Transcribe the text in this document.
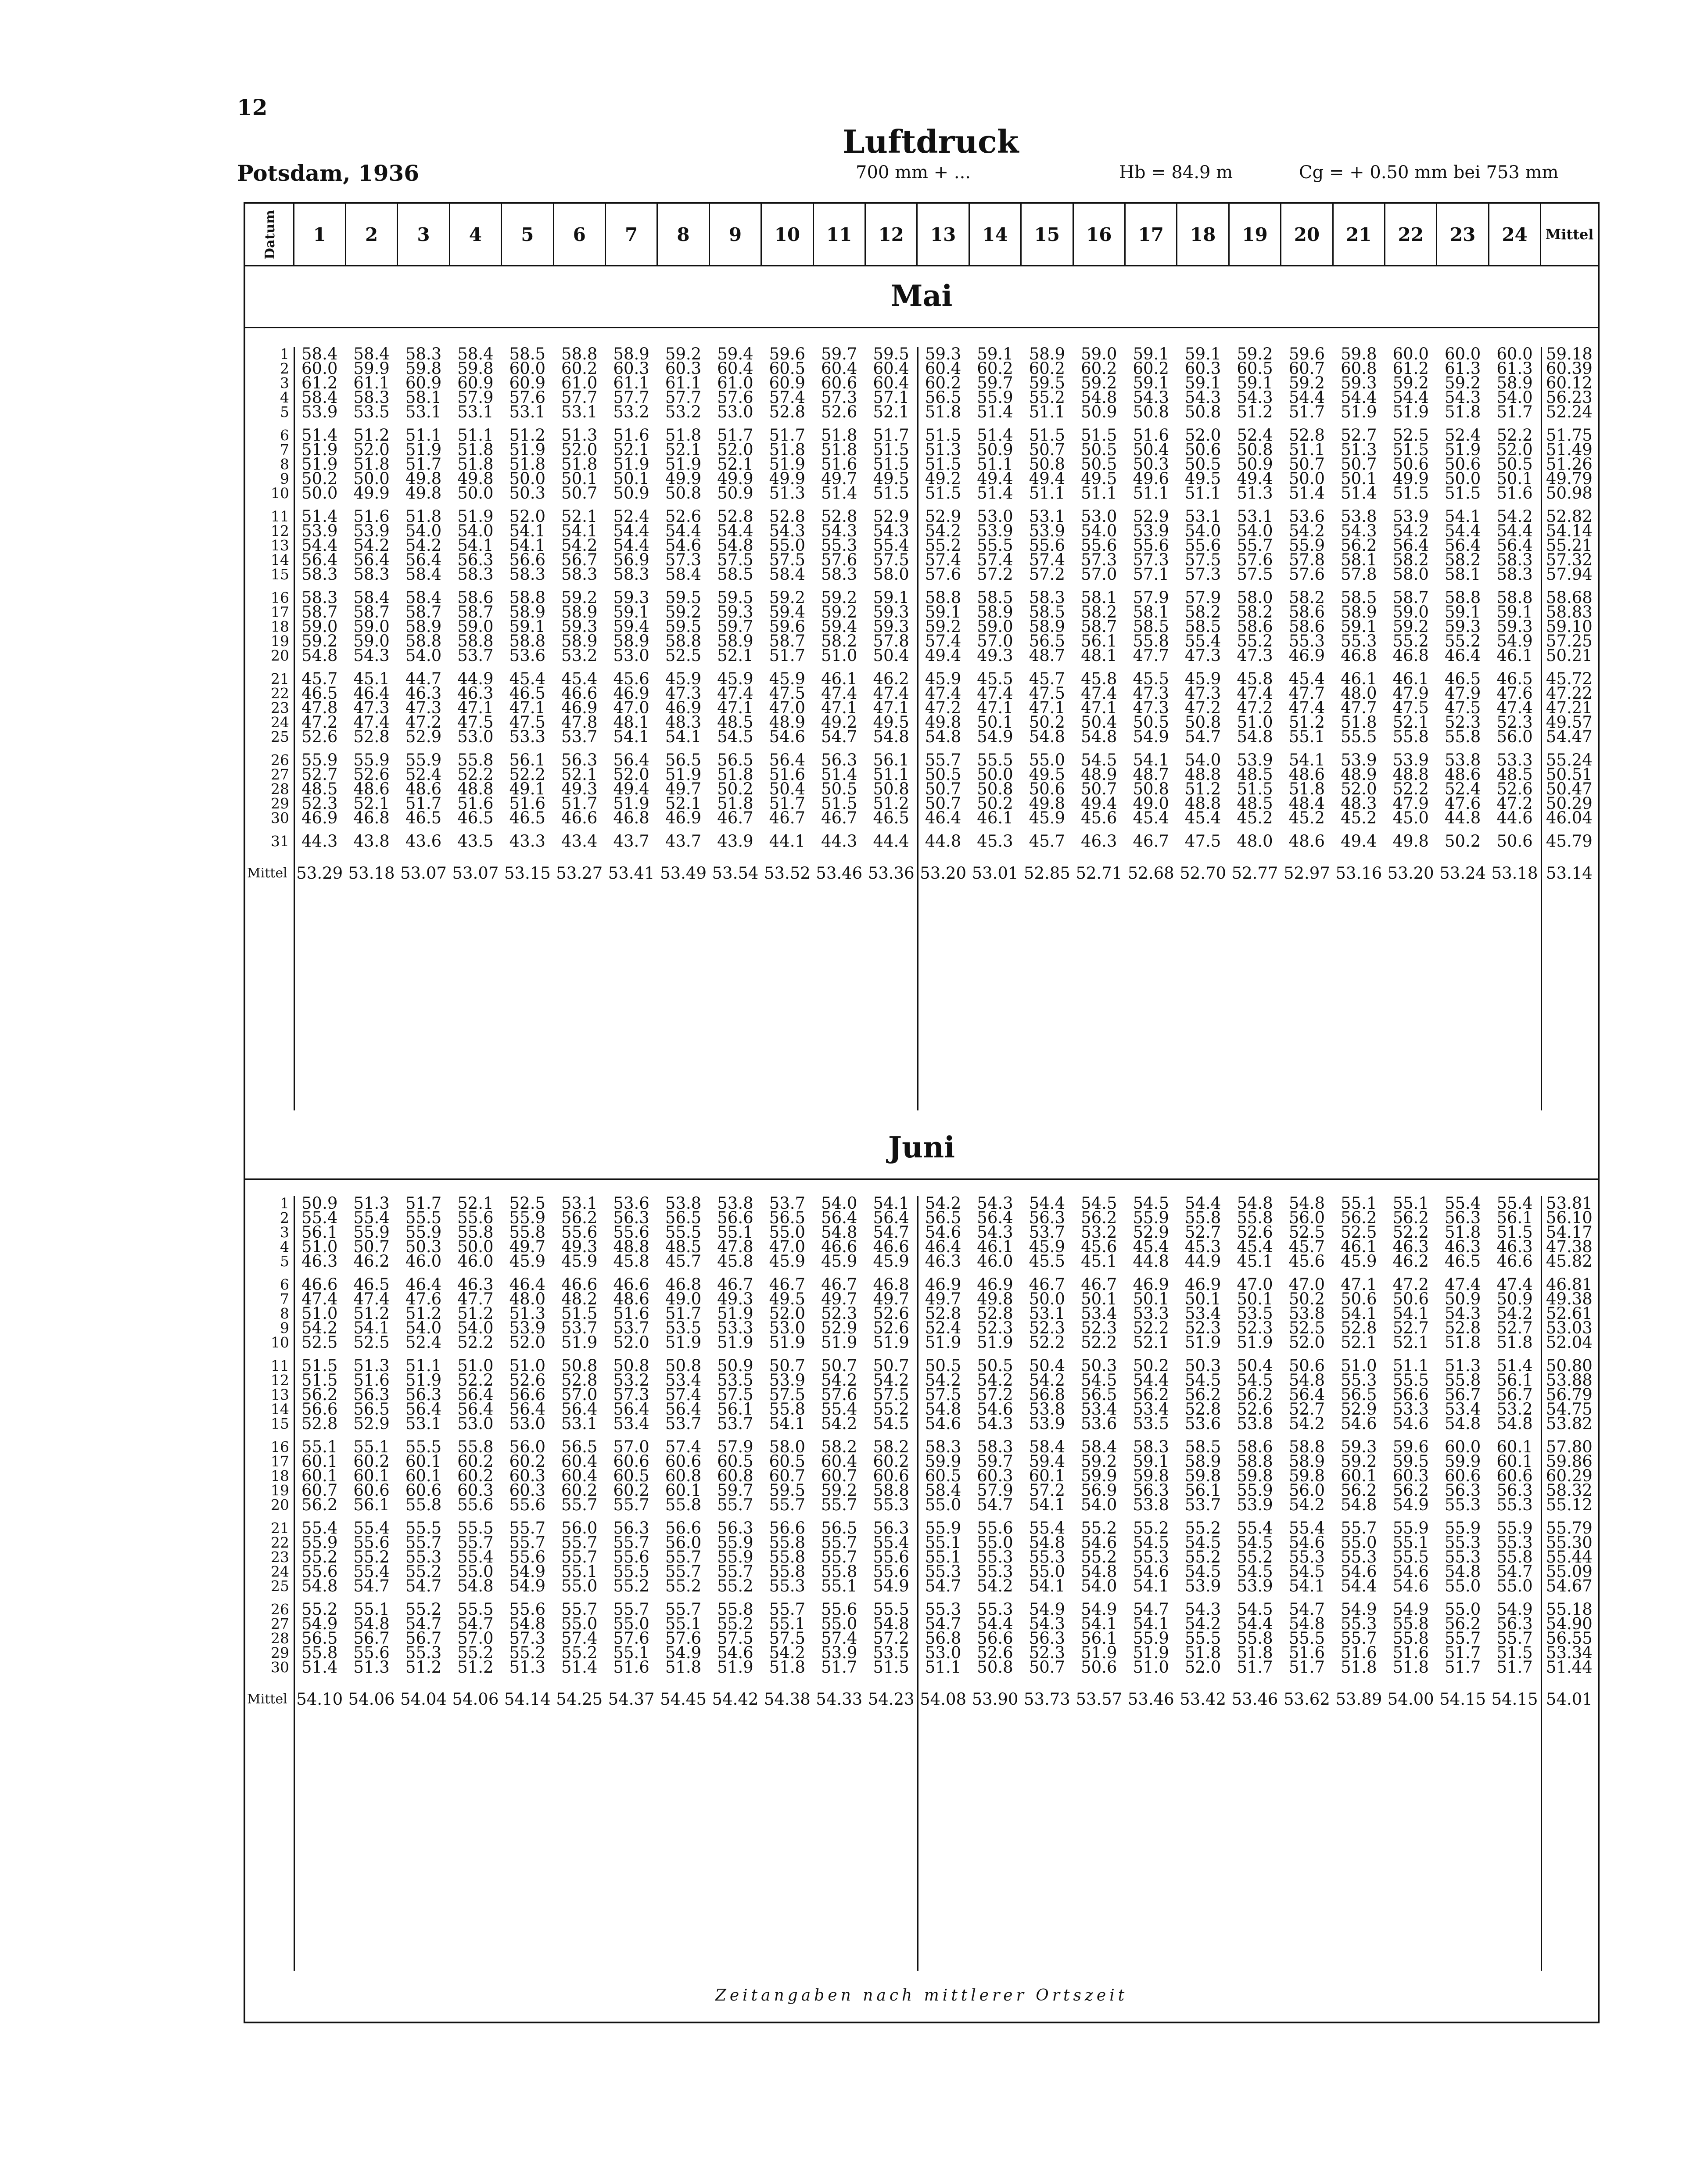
12
Potsdam, 1936
Luftdruck
700 mm + ...	Hb = 84.9 m	Cg = + 0.50 mm bei 753 mm
Datum	1	2	3	4	5	6	7	8	9	10	11	12	13	14	15	16	17	18	19	20	21	22	23	24	Mittel
Mai
1	58.4	58.4	58.3	58.4	58.5	58.8	58.9	59.2	59.4	59.6	59.7	59.5	59.3	59.1	58.9	59.0	59.1	59.1	59.2	59.6	59.8	60.0	60.0	60.0	59.18
2	60.0	59.9	59.8	59.8	60.0	60.2	60.3	60.3	60.4	60.5	60.4	60.4	60.4	60.2	60.2	60.2	60.2	60.3	60.5	60.7	60.8	61.2	61.3	61.3	60.39
3	61.2	61.1	60.9	60.9	60.9	61.0	61.1	61.1	61.0	60.9	60.6	60.4	60.2	59.7	59.5	59.2	59.1	59.1	59.1	59.2	59.3	59.2	59.2	58.9	60.12
4	58.4	58.3	58.1	57.9	57.6	57.7	57.7	57.7	57.6	57.4	57.3	57.1	56.5	55.9	55.2	54.8	54.3	54.3	54.3	54.4	54.4	54.4	54.3	54.0	56.23
5	53.9	53.5	53.1	53.1	53.1	53.1	53.2	53.2	53.0	52.8	52.6	52.1	51.8	51.4	51.1	50.9	50.8	50.8	51.2	51.7	51.9	51.9	51.8	51.7	52.24
6	51.4	51.2	51.1	51.1	51.2	51.3	51.6	51.8	51.7	51.7	51.8	51.7	51.5	51.4	51.5	51.5	51.6	52.0	52.4	52.8	52.7	52.5	52.4	52.2	51.75
7	51.9	52.0	51.9	51.8	51.9	52.0	52.1	52.1	52.0	51.8	51.8	51.5	51.3	50.9	50.7	50.5	50.4	50.6	50.8	51.1	51.3	51.5	51.9	52.0	51.49
8	51.9	51.8	51.7	51.8	51.8	51.8	51.9	51.9	52.1	51.9	51.6	51.5	51.5	51.1	50.8	50.5	50.3	50.5	50.9	50.7	50.7	50.6	50.6	50.5	51.26
9	50.2	50.0	49.8	49.8	50.0	50.1	50.1	49.9	49.9	49.9	49.7	49.5	49.2	49.4	49.4	49.5	49.6	49.5	49.4	50.0	50.1	49.9	50.0	50.1	49.79
10	50.0	49.9	49.8	50.0	50.3	50.7	50.9	50.8	50.9	51.3	51.4	51.5	51.5	51.4	51.1	51.1	51.1	51.1	51.3	51.4	51.4	51.5	51.5	51.6	50.98
11	51.4	51.6	51.8	51.9	52.0	52.1	52.4	52.6	52.8	52.8	52.8	52.9	52.9	53.0	53.1	53.0	52.9	53.1	53.1	53.6	53.8	53.9	54.1	54.2	52.82
12	53.9	53.9	54.0	54.0	54.1	54.1	54.4	54.4	54.4	54.3	54.3	54.3	54.2	53.9	53.9	54.0	53.9	54.0	54.0	54.2	54.3	54.2	54.4	54.4	54.14
13	54.4	54.2	54.2	54.1	54.1	54.2	54.4	54.6	54.8	55.0	55.3	55.4	55.2	55.5	55.6	55.6	55.6	55.6	55.7	55.9	56.2	56.4	56.4	56.4	55.21
14	56.4	56.4	56.4	56.3	56.6	56.7	56.9	57.3	57.5	57.5	57.6	57.5	57.4	57.4	57.4	57.3	57.3	57.5	57.6	57.8	58.1	58.2	58.2	58.3	57.32
15	58.3	58.3	58.4	58.3	58.3	58.3	58.3	58.4	58.5	58.4	58.3	58.0	57.6	57.2	57.2	57.0	57.1	57.3	57.5	57.6	57.8	58.0	58.1	58.3	57.94
16	58.3	58.4	58.4	58.6	58.8	59.2	59.3	59.5	59.5	59.2	59.2	59.1	58.8	58.5	58.3	58.1	57.9	57.9	58.0	58.2	58.5	58.7	58.8	58.8	58.68
17	58.7	58.7	58.7	58.7	58.9	58.9	59.1	59.2	59.3	59.4	59.2	59.3	59.1	58.9	58.5	58.2	58.1	58.2	58.2	58.6	58.9	59.0	59.1	59.1	58.83
18	59.0	59.0	58.9	59.0	59.1	59.3	59.4	59.5	59.7	59.6	59.4	59.3	59.2	59.0	58.9	58.7	58.5	58.5	58.6	58.6	59.1	59.2	59.3	59.3	59.10
19	59.2	59.0	58.8	58.8	58.8	58.9	58.9	58.8	58.9	58.7	58.2	57.8	57.4	57.0	56.5	56.1	55.8	55.4	55.2	55.3	55.3	55.2	55.2	54.9	57.25
20	54.8	54.3	54.0	53.7	53.6	53.2	53.0	52.5	52.1	51.7	51.0	50.4	49.4	49.3	48.7	48.1	47.7	47.3	47.3	46.9	46.8	46.8	46.4	46.1	50.21
21	45.7	45.1	44.7	44.9	45.4	45.4	45.6	45.9	45.9	45.9	46.1	46.2	45.9	45.5	45.7	45.8	45.5	45.9	45.8	45.4	46.1	46.1	46.5	46.5	45.72
22	46.5	46.4	46.3	46.3	46.5	46.6	46.9	47.3	47.4	47.5	47.4	47.4	47.4	47.4	47.5	47.4	47.3	47.3	47.4	47.7	48.0	47.9	47.9	47.6	47.22
23	47.8	47.3	47.3	47.1	47.1	46.9	47.0	46.9	47.1	47.0	47.1	47.1	47.2	47.1	47.1	47.1	47.3	47.2	47.2	47.4	47.7	47.5	47.5	47.4	47.21
24	47.2	47.4	47.2	47.5	47.5	47.8	48.1	48.3	48.5	48.9	49.2	49.5	49.8	50.1	50.2	50.4	50.5	50.8	51.0	51.2	51.8	52.1	52.3	52.3	49.57
25	52.6	52.8	52.9	53.0	53.3	53.7	54.1	54.1	54.5	54.6	54.7	54.8	54.8	54.9	54.8	54.8	54.9	54.7	54.8	55.1	55.5	55.8	55.8	56.0	54.47
26	55.9	55.9	55.9	55.8	56.1	56.3	56.4	56.5	56.5	56.4	56.3	56.1	55.7	55.5	55.0	54.5	54.1	54.0	53.9	54.1	53.9	53.9	53.8	53.3	55.24
27	52.7	52.6	52.4	52.2	52.2	52.1	52.0	51.9	51.8	51.6	51.4	51.1	50.5	50.0	49.5	48.9	48.7	48.8	48.5	48.6	48.9	48.8	48.6	48.5	50.51
28	48.5	48.6	48.6	48.8	49.1	49.3	49.4	49.7	50.2	50.4	50.5	50.8	50.7	50.8	50.6	50.7	50.8	51.2	51.5	51.8	52.0	52.2	52.4	52.6	50.47
29	52.3	52.1	51.7	51.6	51.6	51.7	51.9	52.1	51.8	51.7	51.5	51.2	50.7	50.2	49.8	49.4	49.0	48.8	48.5	48.4	48.3	47.9	47.6	47.2	50.29
30	46.9	46.8	46.5	46.5	46.5	46.6	46.8	46.9	46.7	46.7	46.7	46.5	46.4	46.1	45.9	45.6	45.4	45.4	45.2	45.2	45.2	45.0	44.8	44.6	46.04
31	44.3	43.8	43.6	43.5	43.3	43.4	43.7	43.7	43.9	44.1	44.3	44.4	44.8	45.3	45.7	46.3	46.7	47.5	48.0	48.6	49.4	49.8	50.2	50.6	45.79
Mittel	53.29	53.18	53.07	53.07	53.15	53.27	53.41	53.49	53.54	53.52	53.46	53.36	53.20	53.01	52.85	52.71	52.68	52.70	52.77	52.97	53.16	53.20	53.24	53.18	53.14
Juni
1	50.9	51.3	51.7	52.1	52.5	53.1	53.6	53.8	53.8	53.7	54.0	54.1	54.2	54.3	54.4	54.5	54.5	54.4	54.8	54.8	55.1	55.1	55.4	55.4	53.81
2	55.4	55.4	55.5	55.6	55.9	56.2	56.3	56.5	56.6	56.5	56.4	56.4	56.5	56.4	56.3	56.2	55.9	55.8	55.8	56.0	56.2	56.2	56.3	56.1	56.10
3	56.1	55.9	55.9	55.8	55.8	55.6	55.6	55.5	55.1	55.0	54.8	54.7	54.6	54.3	53.7	53.2	52.9	52.7	52.6	52.5	52.5	52.2	51.8	51.5	54.17
4	51.0	50.7	50.3	50.0	49.7	49.3	48.8	48.5	47.8	47.0	46.6	46.6	46.4	46.1	45.9	45.6	45.4	45.3	45.4	45.7	46.1	46.3	46.3	46.3	47.38
5	46.3	46.2	46.0	46.0	45.9	45.9	45.8	45.7	45.8	45.9	45.9	45.9	46.3	46.0	45.5	45.1	44.8	44.9	45.1	45.6	45.9	46.2	46.5	46.6	45.82
6	46.6	46.5	46.4	46.3	46.4	46.6	46.6	46.8	46.7	46.7	46.7	46.8	46.9	46.9	46.7	46.7	46.9	46.9	47.0	47.0	47.1	47.2	47.4	47.4	46.81
7	47.4	47.4	47.6	47.7	48.0	48.2	48.6	49.0	49.3	49.5	49.7	49.7	49.7	49.8	50.0	50.1	50.1	50.1	50.1	50.2	50.6	50.6	50.9	50.9	49.38
8	51.0	51.2	51.2	51.2	51.3	51.5	51.6	51.7	51.9	52.0	52.3	52.6	52.8	52.8	53.1	53.4	53.3	53.4	53.5	53.8	54.1	54.1	54.3	54.2	52.61
9	54.2	54.1	54.0	54.0	53.9	53.7	53.7	53.5	53.3	53.0	52.9	52.6	52.4	52.3	52.3	52.3	52.2	52.3	52.3	52.5	52.8	52.7	52.8	52.7	53.03
10	52.5	52.5	52.4	52.2	52.0	51.9	52.0	51.9	51.9	51.9	51.9	51.9	51.9	51.9	52.2	52.2	52.1	51.9	51.9	52.0	52.1	52.1	51.8	51.8	52.04
11	51.5	51.3	51.1	51.0	51.0	50.8	50.8	50.8	50.9	50.7	50.7	50.7	50.5	50.5	50.4	50.3	50.2	50.3	50.4	50.6	51.0	51.1	51.3	51.4	50.80
12	51.5	51.6	51.9	52.2	52.6	52.8	53.2	53.4	53.5	53.9	54.2	54.2	54.2	54.2	54.2	54.5	54.4	54.5	54.5	54.8	55.3	55.5	55.8	56.1	53.88
13	56.2	56.3	56.3	56.4	56.6	57.0	57.3	57.4	57.5	57.5	57.6	57.5	57.5	57.2	56.8	56.5	56.2	56.2	56.2	56.4	56.5	56.6	56.7	56.7	56.79
14	56.6	56.5	56.4	56.4	56.4	56.4	56.4	56.4	56.1	55.8	55.4	55.2	54.8	54.6	53.8	53.4	53.4	52.8	52.6	52.7	52.9	53.3	53.4	53.2	54.75
15	52.8	52.9	53.1	53.0	53.0	53.1	53.4	53.7	53.7	54.1	54.2	54.5	54.6	54.3	53.9	53.6	53.5	53.6	53.8	54.2	54.6	54.6	54.8	54.8	53.82
16	55.1	55.1	55.5	55.8	56.0	56.5	57.0	57.4	57.9	58.0	58.2	58.2	58.3	58.3	58.4	58.4	58.3	58.5	58.6	58.8	59.3	59.6	60.0	60.1	57.80
17	60.1	60.2	60.1	60.2	60.2	60.4	60.6	60.6	60.5	60.5	60.4	60.2	59.9	59.7	59.4	59.2	59.1	58.9	58.8	58.9	59.2	59.5	59.9	60.1	59.86
18	60.1	60.1	60.1	60.2	60.3	60.4	60.5	60.8	60.8	60.7	60.7	60.6	60.5	60.3	60.1	59.9	59.8	59.8	59.8	59.8	60.1	60.3	60.6	60.6	60.29
19	60.7	60.6	60.6	60.3	60.3	60.2	60.2	60.1	59.7	59.5	59.2	58.8	58.4	57.9	57.2	56.9	56.3	56.1	55.9	56.0	56.2	56.2	56.3	56.3	58.32
20	56.2	56.1	55.8	55.6	55.6	55.7	55.7	55.8	55.7	55.7	55.7	55.3	55.0	54.7	54.1	54.0	53.8	53.7	53.9	54.2	54.8	54.9	55.3	55.3	55.12
21	55.4	55.4	55.5	55.5	55.7	56.0	56.3	56.6	56.3	56.6	56.5	56.3	55.9	55.6	55.4	55.2	55.2	55.2	55.4	55.4	55.7	55.9	55.9	55.9	55.79
22	55.9	55.6	55.7	55.7	55.7	55.7	55.7	56.0	55.9	55.8	55.7	55.4	55.1	55.0	54.8	54.6	54.5	54.5	54.5	54.6	55.0	55.1	55.3	55.3	55.30
23	55.2	55.2	55.3	55.4	55.6	55.7	55.6	55.7	55.9	55.8	55.7	55.6	55.1	55.3	55.3	55.2	55.3	55.2	55.2	55.3	55.3	55.5	55.3	55.8	55.44
24	55.6	55.4	55.2	55.0	54.9	55.1	55.5	55.7	55.7	55.8	55.8	55.6	55.3	55.3	55.0	54.8	54.6	54.5	54.5	54.5	54.6	54.6	54.8	54.7	55.09
25	54.8	54.7	54.7	54.8	54.9	55.0	55.2	55.2	55.2	55.3	55.1	54.9	54.7	54.2	54.1	54.0	54.1	53.9	53.9	54.1	54.4	54.6	55.0	55.0	54.67
26	55.2	55.1	55.2	55.5	55.6	55.7	55.7	55.7	55.8	55.7	55.6	55.5	55.3	55.3	54.9	54.9	54.7	54.3	54.5	54.7	54.9	54.9	55.0	54.9	55.18
27	54.9	54.8	54.7	54.7	54.8	55.0	55.0	55.1	55.2	55.1	55.0	54.8	54.7	54.4	54.3	54.1	54.1	54.2	54.4	54.8	55.3	55.8	56.2	56.3	54.90
28	56.5	56.7	56.7	57.0	57.3	57.4	57.6	57.6	57.5	57.5	57.4	57.2	56.8	56.6	56.3	56.1	55.9	55.5	55.8	55.5	55.7	55.8	55.7	55.7	56.55
29	55.8	55.6	55.3	55.2	55.2	55.2	55.1	54.9	54.6	54.2	53.9	53.5	53.0	52.6	52.3	51.9	51.9	51.8	51.8	51.6	51.6	51.6	51.7	51.5	53.34
30	51.4	51.3	51.2	51.2	51.3	51.4	51.6	51.8	51.9	51.8	51.7	51.5	51.1	50.8	50.7	50.6	51.0	52.0	51.7	51.7	51.8	51.8	51.7	51.7	51.44
Mittel	54.10	54.06	54.04	54.06	54.14	54.25	54.37	54.45	54.42	54.38	54.33	54.23	54.08	53.90	53.73	53.57	53.46	53.42	53.46	53.62	53.89	54.00	54.15	54.15	54.01
Zeitangaben nach mittlerer Ortszeit
